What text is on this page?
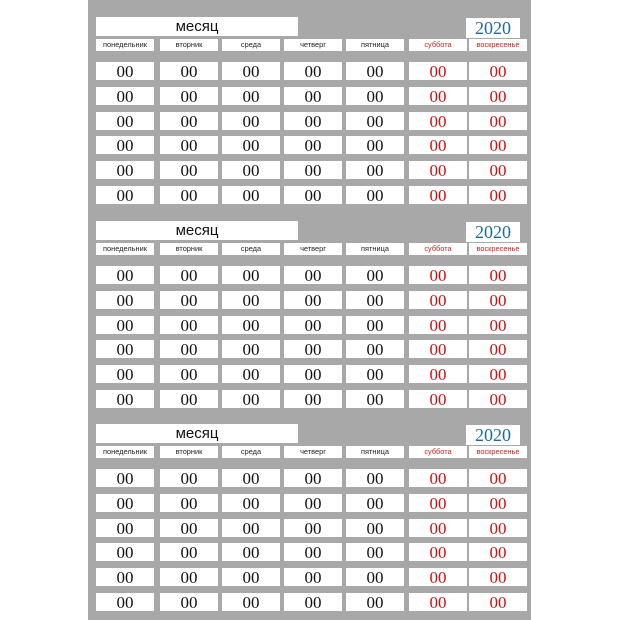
месяц	2020
понедельник	вторник	среда	четверг	пятница	суббота	воскресенье
00	00	00	00	00	00	00
00	00	00	00	00	00	00
00	00	00	00	00	00	00
00	00	00	00	00	00	00
00	00	00	00	00	00	00
00	00	00	00	00	00	00
месяц	2020
понедельник	вторник	среда	четверг	пятница	суббота	воскресенье
00	00	00	00	00	00	00
00	00	00	00	00	00	00
00	00	00	00	00	00	00
00	00	00	00	00	00	00
00	00	00	00	00	00	00
00	00	00	00	00	00	00
месяц	2020
понедельник	вторник	среда	четверг	пятница	суббота	воскресенье
00	00	00	00	00	00	00
00	00	00	00	00	00	00
00	00	00	00	00	00	00
00	00	00	00	00	00	00
00	00	00	00	00	00	00
00	00	00	00	00	00	00
